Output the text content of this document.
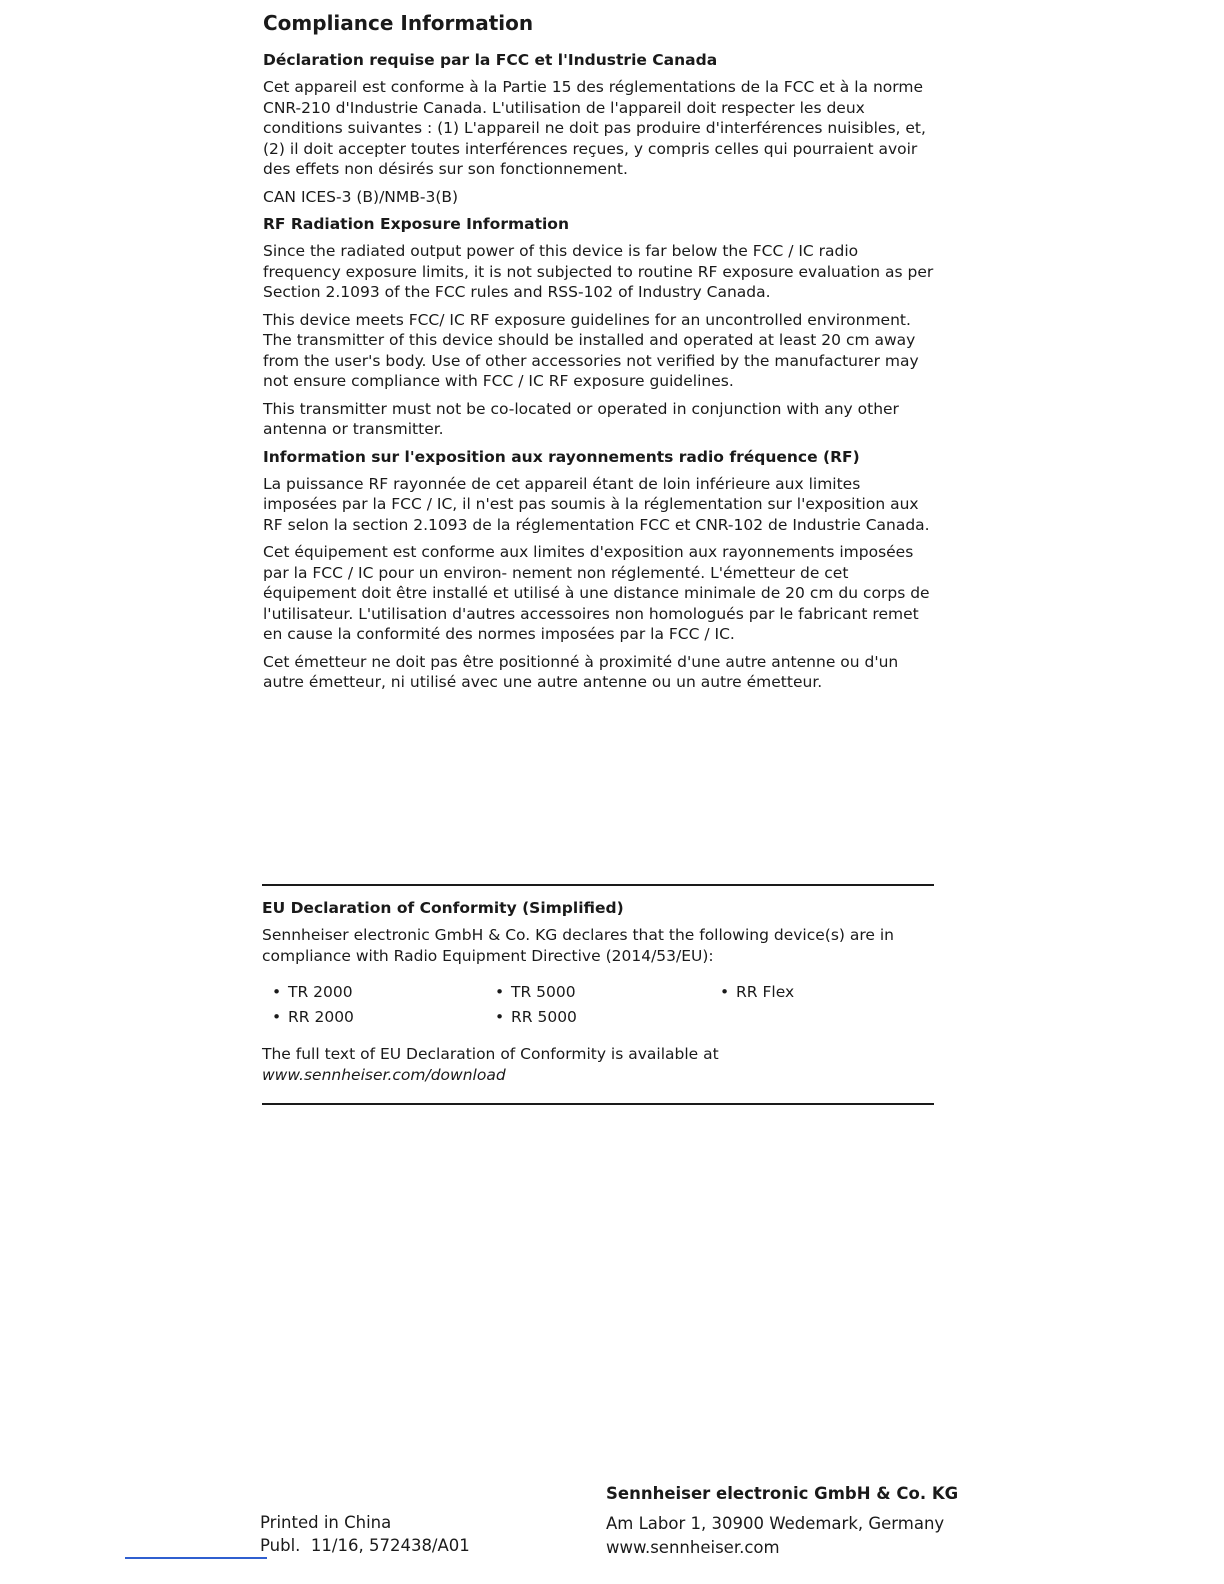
Compliance Information
Déclaration requise par la FCC et l'Industrie Canada
Cet appareil est conforme à la Partie 15 des réglementations de la FCC et à la norme CNR-210 d'Industrie Canada. L'utilisation de l'appareil doit respecter les deux conditions suivantes : (1) L'appareil ne doit pas produire d'interférences nuisibles, et, (2) il doit accepter toutes interférences reçues, y compris celles qui pourraient avoir des effets non désirés sur son fonctionnement.
CAN ICES-3 (B)/NMB-3(B)
RF Radiation Exposure Information
Since the radiated output power of this device is far below the FCC / IC radio frequency exposure limits, it is not subjected to routine RF exposure evaluation as per Section 2.1093 of the FCC rules and RSS-102 of Industry Canada.
This device meets FCC/ IC RF exposure guidelines for an uncontrolled environment. The transmitter of this device should be installed and operated at least 20 cm away from the user's body. Use of other accessories not verified by the manufacturer may not ensure compliance with FCC / IC RF exposure guidelines.
This transmitter must not be co-located or operated in conjunction with any other antenna or transmitter.
Information sur l'exposition aux rayonnements radio fréquence (RF)
La puissance RF rayonnée de cet appareil étant de loin inférieure aux limites imposées par la FCC / IC, il n'est pas soumis à la réglementation sur l'exposition aux RF selon la section 2.1093 de la réglementation FCC et CNR-102 de Industrie Canada.
Cet équipement est conforme aux limites d'exposition aux rayonnements imposées par la FCC / IC pour un environ- nement non réglementé. L'émetteur de cet équipement doit être installé et utilisé à une distance minimale de 20 cm du corps de l'utilisateur. L'utilisation d'autres accessoires non homologués par le fabricant remet en cause la conformité des normes imposées par la FCC / IC.
Cet émetteur ne doit pas être positionné à proximité d'une autre antenne ou d'un autre émetteur, ni utilisé avec une autre antenne ou un autre émetteur.
EU Declaration of Conformity (Simplified)
Sennheiser electronic GmbH & Co. KG declares that the following device(s) are in compliance with Radio Equipment Directive (2014/53/EU):
• TR 2000	• TR 5000	• RR Flex
• RR 2000	• RR 5000
The full text of EU Declaration of Conformity is available at
www.sennheiser.com/download
Printed in China
Publ.  11/16, 572438/A01
Sennheiser electronic GmbH & Co. KG
Am Labor 1, 30900 Wedemark, Germany
www.sennheiser.com
